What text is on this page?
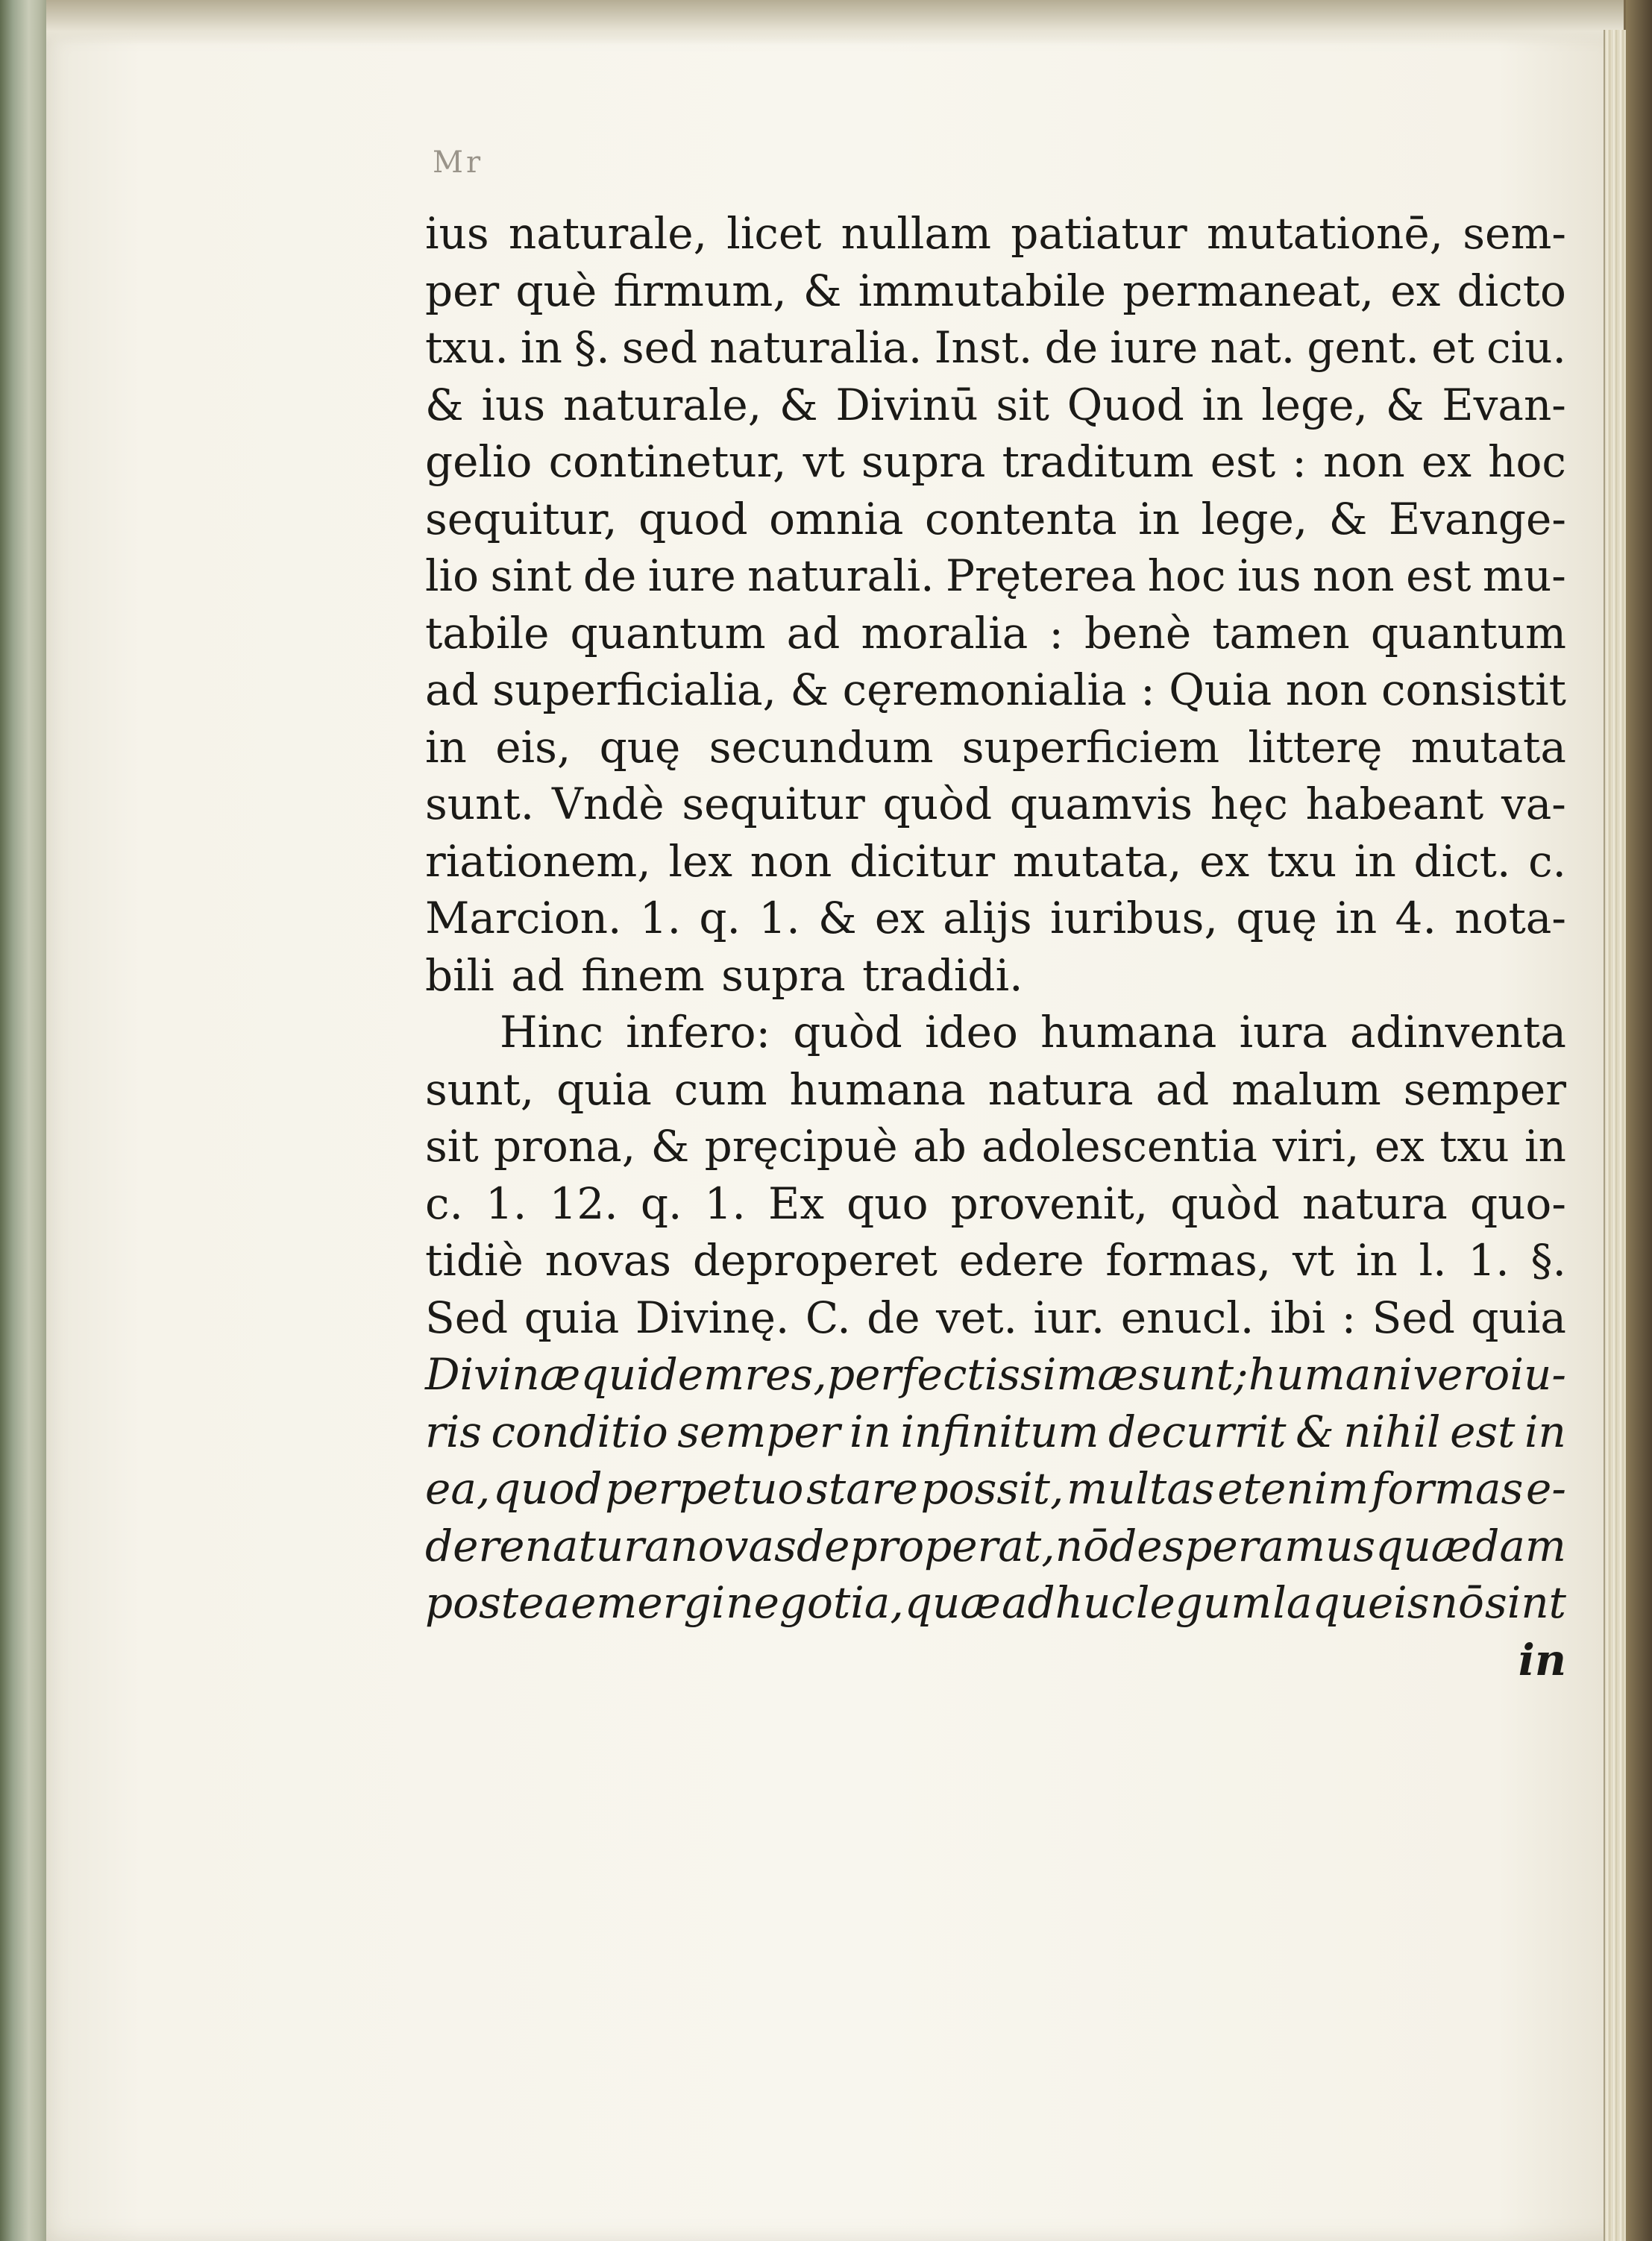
Mr
ius naturale, licet nullam patiatur mutationē, sem-
per què firmum, & immutabile permaneat, ex dicto
txu. in §. sed naturalia. Inst. de iure nat. gent. et ciu.
& ius naturale, & Divinū sit Quod in lege, & Evan-
gelio continetur, vt supra traditum est : non ex hoc
sequitur, quod omnia contenta in lege, & Evange-
lio sint de iure naturali. Pręterea hoc ius non est mu-
tabile quantum ad moralia : benè tamen quantum
ad superficialia, & cęremonialia : Quia non consistit
in eis, quę secundum superficiem litterę mutata
sunt. Vndè sequitur quòd quamvis hęc habeant va-
riationem, lex non dicitur mutata, ex txu in dict. c.
Marcion. 1. q. 1. & ex alijs iuribus, quę in 4. nota-
bili ad finem supra tradidi.
Hinc infero: quòd ideo humana iura adinventa
sunt, quia cum humana natura ad malum semper
sit prona, & pręcipuè ab adolescentia viri, ex txu in
c. 1. 12. q. 1. Ex quo provenit, quòd natura quo-
tidiè novas deproperet edere formas, vt in l. 1. §.
Sed quia Divinę. C. de vet. iur. enucl. ibi : Sed quia
Divinæ quidem res, perfectissimæ sunt; humani vero iu-
ris conditio semper in infinitum decurrit & nihil est in
ea, quod perpetuo stare possit, multas etenim formas e-
dere natura novas deproperat, nō desperamus quædam
postea emergi negotia, quæ adhuc legum laqueis nō sint
in
